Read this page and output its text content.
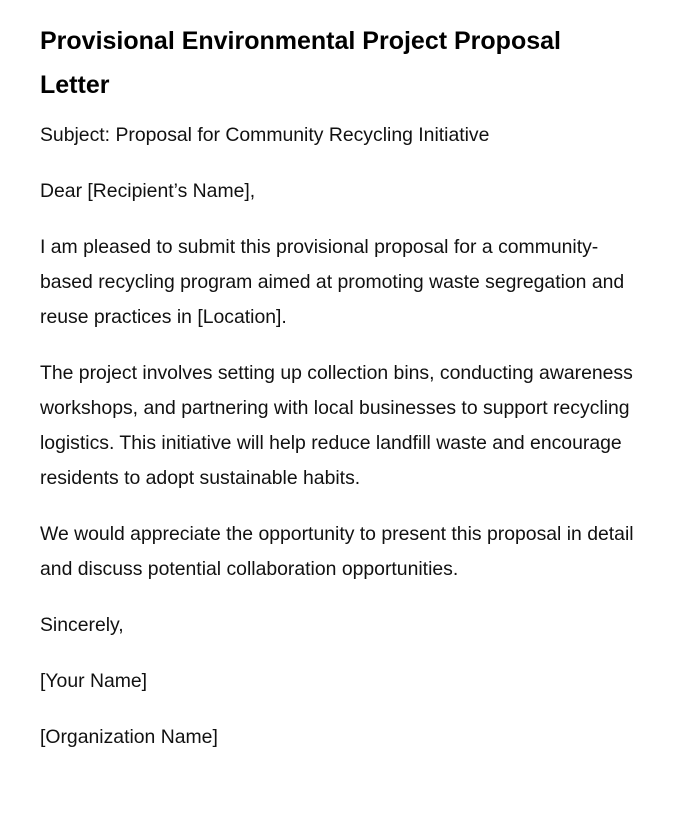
Provisional Environmental Project Proposal Letter

Subject: Proposal for Community Recycling Initiative

Dear [Recipient’s Name],

I am pleased to submit this provisional proposal for a community-based recycling program aimed at promoting waste segregation and reuse practices in [Location].

The project involves setting up collection bins, conducting awareness workshops, and partnering with local businesses to support recycling logistics. This initiative will help reduce landfill waste and encourage residents to adopt sustainable habits.

We would appreciate the opportunity to present this proposal in detail and discuss potential collaboration opportunities.

Sincerely,

[Your Name]

[Organization Name]
